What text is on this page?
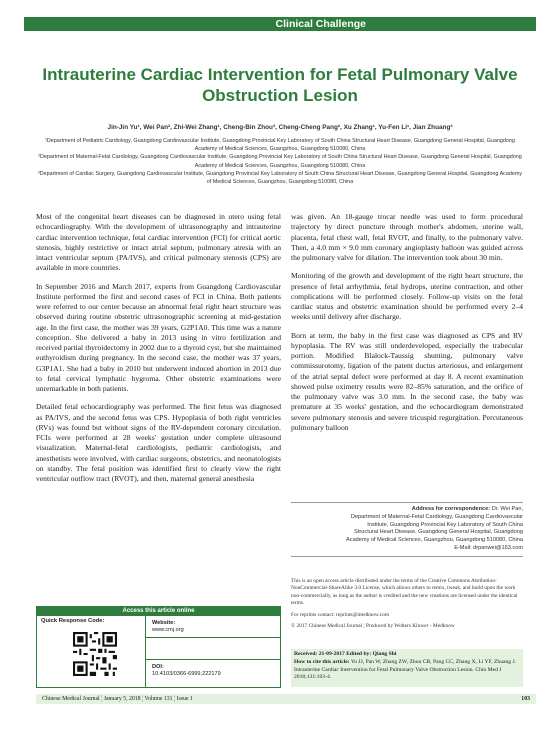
Clinical Challenge
Intrauterine Cardiac Intervention for Fetal Pulmonary Valve Obstruction Lesion
Jin-Jin Yu¹, Wei Pan², Zhi-Wei Zhang¹, Cheng-Bin Zhou³, Cheng-Cheng Pang², Xu Zhang¹, Yu-Fen Li¹, Jian Zhuang³

¹Department of Pediatric Cardiology, Guangdong Cardiovascular Institute, Guangdong Provincial Key Laboratory of South China Structural Heart Disease, Guangdong General Hospital, Guangdong Academy of Medical Sciences, Guangzhou, Guangdong 510080, China

²Department of Maternal-Fetal Cardiology, Guangdong Cardiovascular Institute, Guangdong Provincial Key Laboratory of South China Structural Heart Disease, Guangdong General Hospital, Guangdong Academy of Medical Sciences, Guangzhou, Guangdong 510080, China

³Department of Cardiac Surgery, Guangdong Cardiovascular Institute, Guangdong Provincial Key Laboratory of South China Structural Heart Disease, Guangdong General Hospital, Guangdong Academy of Medical Sciences, Guangzhou, Guangdong 510080, China

Most of the congenital heart diseases can be diagnosed in utero using fetal echocardiography. With the development of ultrasonography and intrauterine cardiac intervention technique, fetal cardiac intervention (FCI) for critical aortic stenosis, highly restrictive or intact atrial septum, pulmonary atresia with an intact ventricular septum (PA/IVS), and critical pulmonary stenosis (CPS) are available in more countries.

In September 2016 and March 2017, experts from Guangdong Cardiovascular Institute performed the first and second cases of FCI in China. Both patients were referred to our center because an abnormal fetal right heart structure was observed during routine obstetric ultrasonographic screening at mid-gestation age. In the first case, the mother was 39 years, G2P1A0. This time was a nature conception. She delivered a baby in 2013 using in vitro fertilization and received partial thyroidectomy in 2002 due to a thyroid cyst, but she maintained euthyroidism during pregnancy. In the second case, the mother was 37 years, G3P1A1. She had a baby in 2010 but underwent induced abortion in 2013 due to fetal cervical lymphatic hygroma. Other obstetric examinations were unremarkable in both patients.

Detailed fetal echocardiography was performed. The first fetus was diagnosed as PA/IVS, and the second fetus was CPS. Hypoplasia of both right ventricles (RVs) was found but without signs of the RV-dependent coronary circulation. FCIs were performed at 28 weeks' gestation under complete ultrasound visualization. Maternal-fetal cardiologists, pediatric cardiologists, and anesthetists were involved, with cardiac surgeons, obstetrics, and neonatologists on standby. The fetal position was identified first to clearly view the right ventricular outflow tract (RVOT), and then, maternal general anesthesia

was given. An 18-gauge trocar needle was used to form procedural trajectory by direct puncture through mother's abdomen, uterine wall, placenta, fetal chest wall, fetal RVOT, and finally, to the pulmonary valve. Then, a 4.0 mm × 9.0 mm coronary angioplasty balloon was guided across the pulmonary valve for dilation. The intervention took about 30 min.

Monitoring of the growth and development of the right heart structure, the presence of fetal arrhythmia, fetal hydrops, uterine contraction, and other complications will be performed closely. Follow-up visits on the fetal cardiac status and obstetric examination should be performed every 2–4 weeks until delivery after discharge.

Born at term, the baby in the first case was diagnosed as CPS and RV hypoplasia. The RV was still underdeveloped, especially the trabecular portion. Modified Blalock-Taussig shunting, pulmonary valve commissurotomy, ligation of the patent ductus arteriosus, and enlargement of the atrial septal defect were performed at day 8. A recent examination showed pulse oximetry results were 82–85% saturation, and the orifice of the pulmonary valve was 3.0 mm. In the second case, the baby was premature at 35 weeks' gestation, and the echocardiogram demonstrated severe pulmonary stenosis and severe tricuspid regurgitation. Percutaneous pulmonary balloon

Address for correspondence: Dr. Wei Pan,
Department of Maternal-Fetal Cardiology, Guangdong Cardiovascular
Institute, Guangdong Provincial Key Laboratory of South China
Structural Heart Disease, Guangdong General Hospital, Guangdong
Academy of Medical Sciences, Guangzhou, Guangdong 510080, China
E-Mail: drpanwei@163.com

This is an open access article distributed under the terms of the Creative Commons Attribution-NonCommercial-ShareAlike 3.0 License, which allows others to remix, tweak, and build upon the work non-commercially, as long as the author is credited and the new creations are licensed under the identical terms.

For reprints contact: reprints@medknow.com

© 2017 Chinese Medical Journal ¦ Produced by Wolters Kluwer - Medknow

Received: 21-09-2017 Edited by: Qiang Shi
How to cite this article: Yu JJ, Pan W, Zhang ZW, Zhou CB, Pang CC, Zhang X, Li YF, Zhuang J. Intrauterine Cardiac Intervention for Fetal Pulmonary Valve Obstruction Lesion. Chin Med J 2018;131:103-4.
Access this article online
Quick Response Code:	Website:
www.cmj.org
DOI:
10.4103/0366-6999.222179
Chinese Medical Journal ¦ January 5, 2018 ¦ Volume 131 ¦ Issue 1	103
